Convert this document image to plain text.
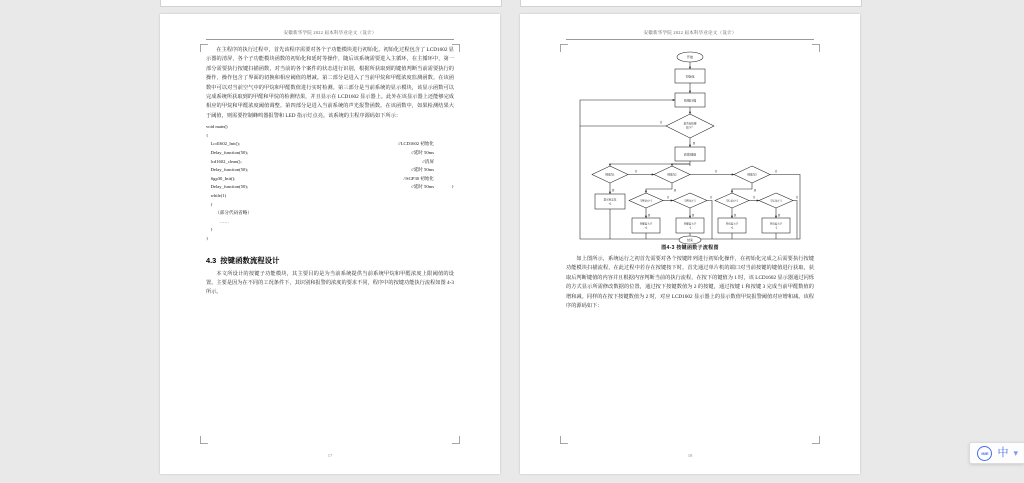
安徽新华学院 2022 届本科毕业论文（设计）

在主程序的执行过程中，首先该程序需要对各个子功能模块进行初始化。初始化过程包含了 LCD1602 显示器的清屏，各个子功能模块函数的初始化和延时等操作，随后该系统需要进入主循环，在主循环中，第一部分需要执行按键扫描函数，对当前的各个案件的状态进行识别，根据所获取到的键值判断当前需要执行的操作，操作包含了界面的切换和相应阈值的增减。第二部分是进入了当前甲烷和甲醛浓度监测函数。在该函数中可以对当前空气中的甲烷和甲醛数值进行实时检测。第三部分是当前系统的显示模块，该显示函数可以完成系统所获取到的甲醛和甲烷的检测结果，并且显示在 LCD1602 显示器上。此外在该显示器上还能够完成相应的甲烷和甲醛浓度阈值调整。第四部分是进入当前系统的声光报警函数。在该函数中，如果检测结果大于阈值，则需要控制蜂鸣器报警和 LED 指示灯点亮。该系统的主程序源码如下所示：

void main()
{
Lcd1602_Init();	//LCD1602 初始化
Delay_function(50);	//延时 50ms
lcd1602_clean();	//清屏
Delay_function(50);	//延时 50ms
Sgp30_Init();	//SGP30 初始化
Delay_function(50);	//延时 50ms	}
while(1)
{
（部分代码省略）
……
}
}
4.3 按键函数流程设计

本文所设计的按键子功能模块，其主要目的是为当前系统提供当前系统甲烷和甲醛浓度上限阈值的设置。主要是因为在不同的工况条件下，其识别和报警的浓度的要求不同，程序中的按键功能执行流程如图 4-3 所示。

17
安徽新华学院 2022 届本科毕业论文（设计）
开始
初始化
按键扫描
是否有按键
按下？
获取键值
键值为1	键值为2	键值为3
显示标志位
+1
甲醛浓度+1	甲醛浓度-1	甲烷浓度+1	甲烷浓度-1
甲醛值大于
+1
甲醛值大于
-1
甲烷值大于
+1
甲烷值大于
-1
否
是
否	否	否
是	是	是
否	否	否	否
是	是	是	是
结束
图4-3 按键函数子流程图

如上图所示，系统运行之初首先需要对各个按键阵列进行初始化操作，在初始化完成之后需要执行按键功能模块扫描流程，在此过程中若存在按键按下时。首先通过单片机的端口对当前按键的键值进行获取，获取后判断键值的内容并且根据内容判断当前的执行流程，在按下的键值为 1 时，该 LCD1602 显示器通过闪烁的方式显示所需修改数据的位置，通过按下按键数值为 2 的按键，通过按键 1 和按键 3 完成当前甲醛数值的增和减。同样的在按下按键数值为 2 时，对应 LCD1602 显示器上的显示数值甲烷报警阈值对应增和减。该程序的源码如下：

18	IME 中 ▾
